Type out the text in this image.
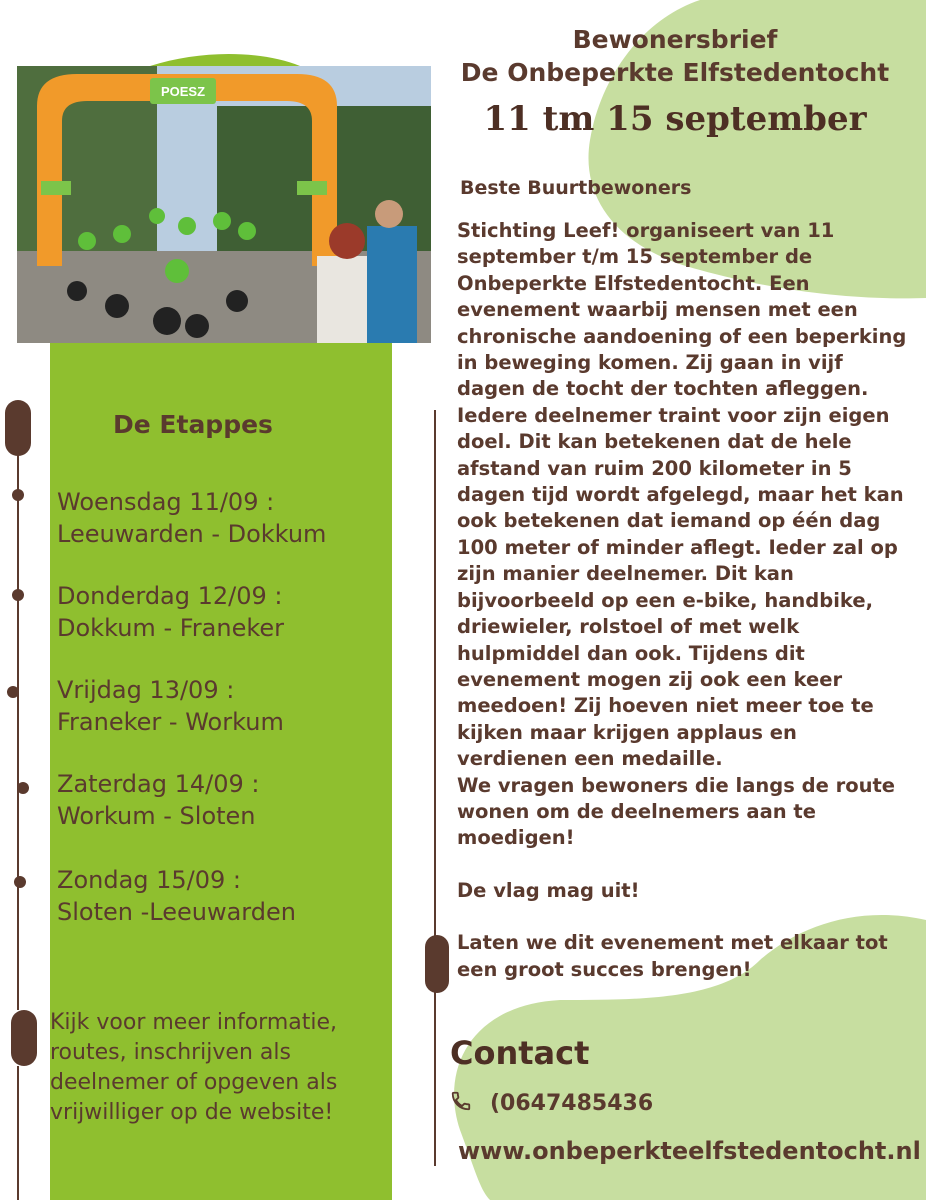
POESZ
De Etappes
Woensdag 11/09 :
Leeuwarden - Dokkum
Donderdag 12/09 :
Dokkum - Franeker
Vrijdag 13/09 :
Franeker - Workum
Zaterdag 14/09 :
Workum - Sloten
Zondag 15/09 :
Sloten -Leeuwarden
Kijk voor meer informatie, routes, inschrijven als deelnemer of opgeven als vrijwilliger op de website!
Bewonersbrief
De Onbeperkte Elfstedentocht
11 tm 15 september
Beste Buurtbewoners

Stichting Leef! organiseert van 11 september t/m 15 september de Onbeperkte Elfstedentocht. Een evenement waarbij mensen met een chronische aandoening of een beperking in beweging komen. Zij gaan in vijf dagen de tocht der tochten afleggen. Iedere deelnemer traint voor zijn eigen doel. Dit kan betekenen dat de hele afstand van ruim 200 kilometer in 5 dagen tijd wordt afgelegd, maar het kan ook betekenen dat iemand op één dag 100 meter of minder aflegt. Ieder zal op zijn manier deelnemer. Dit kan bijvoorbeeld op een e-bike, handbike, driewieler, rolstoel of met welk hulpmiddel dan ook. Tijdens dit evenement mogen zij ook een keer meedoen! Zij hoeven niet meer toe te kijken maar krijgen applaus en verdienen een medaille.

We vragen bewoners die langs de route wonen om de deelnemers aan te moedigen!

De vlag mag uit!

Laten we dit evenement met elkaar tot een groot succes brengen!

Contact
(0647485436
www.onbeperkteelfstedentocht.nl
